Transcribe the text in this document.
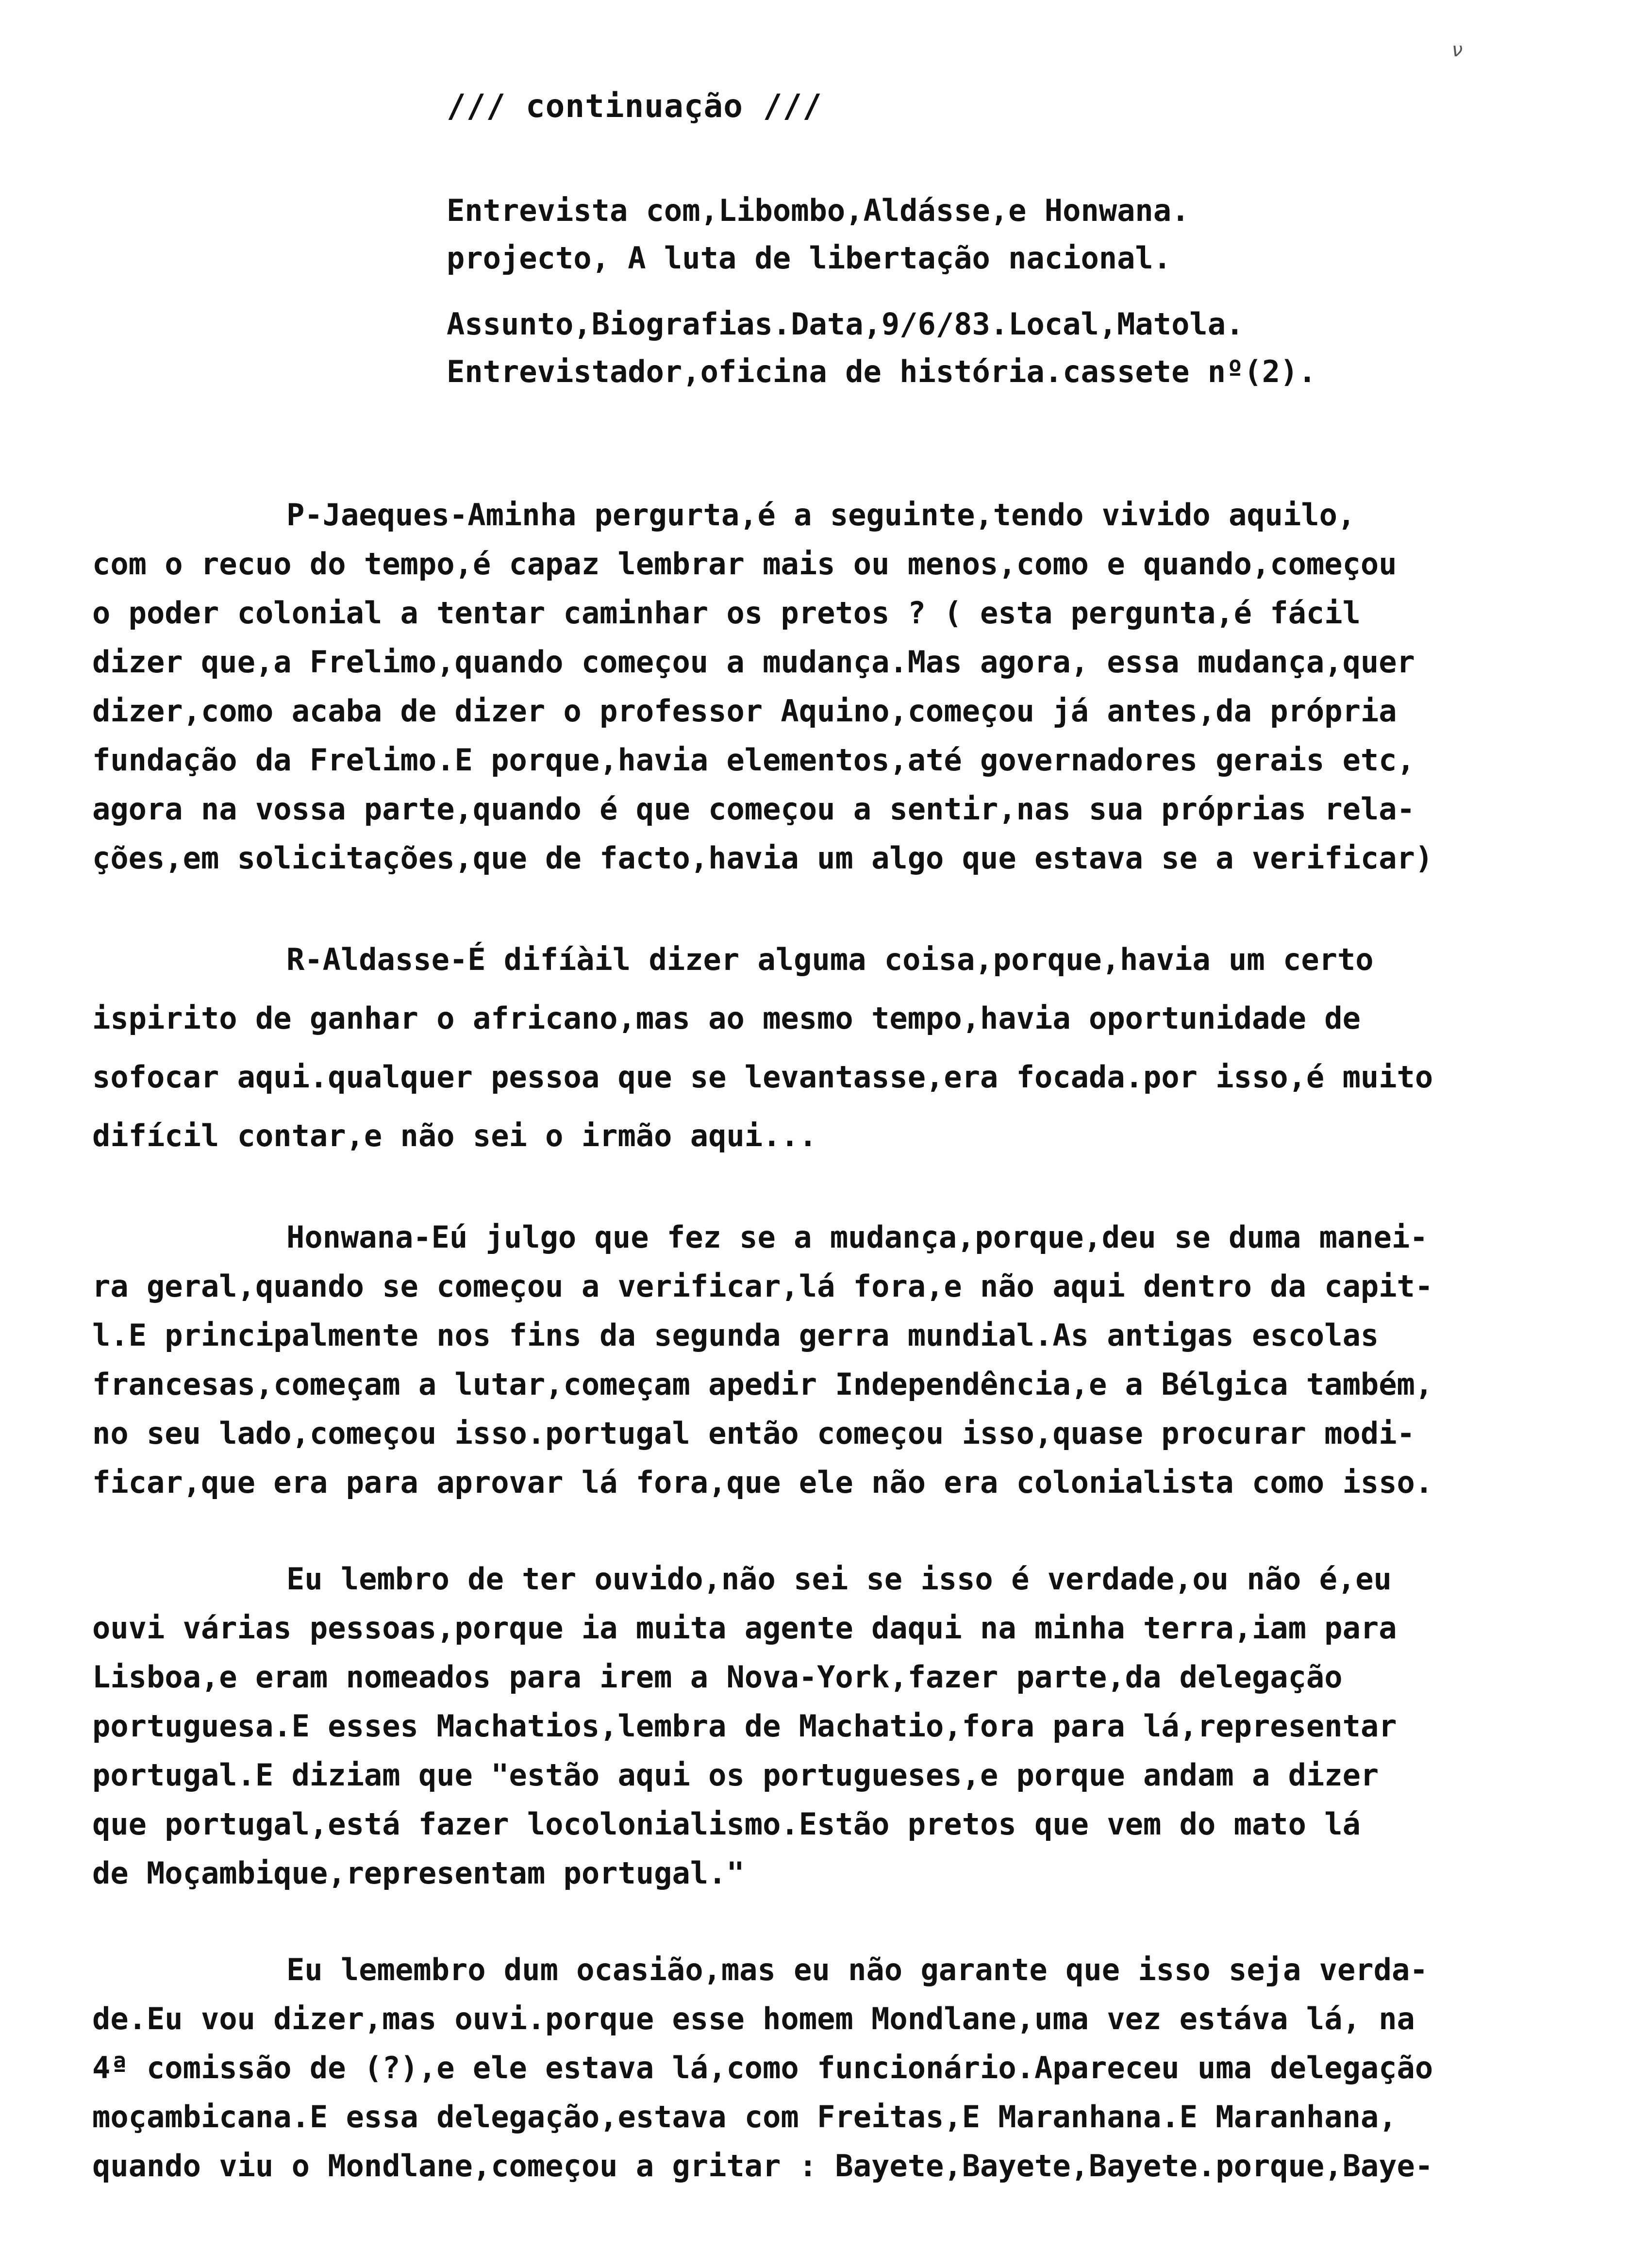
ν
/// continuação ///
Entrevista com,Libombo,Aldásse,e Honwana.
projecto, A luta de libertação nacional.
Assunto,Biografias.Data,9/6/83.Local,Matola.
Entrevistador,oficina de história.cassete nº(2).
P-Jaeques-Aminha pergurta,é a seguinte,tendo vivido aquilo,
com o recuo do tempo,é capaz lembrar mais ou menos,como e quando,começou
o poder colonial a tentar caminhar os pretos ? ( esta pergunta,é fácil
dizer que,a Frelimo,quando começou a mudança.Mas agora, essa mudança,quer
dizer,como acaba de dizer o professor Aquino,começou já antes,da própria
fundação da Frelimo.E porque,havia elementos,até governadores gerais etc,
agora na vossa parte,quando é que começou a sentir,nas sua próprias rela-
ções,em solicitações,que de facto,havia um algo que estava se a verificar)
R-Aldasse-É difíàil dizer alguma coisa,porque,havia um certo
ispirito de ganhar o africano,mas ao mesmo tempo,havia oportunidade de
sofocar aqui.qualquer pessoa que se levantasse,era focada.por isso,é muito
difícil contar,e não sei o irmão aqui...
Honwana-Eú julgo que fez se a mudança,porque,deu se duma manei-
ra geral,quando se começou a verificar,lá fora,e não aqui dentro da capit-
l.E principalmente nos fins da segunda gerra mundial.As antigas escolas
francesas,começam a lutar,começam apedir Independência,e a Bélgica também,
no seu lado,começou isso.portugal então começou isso,quase procurar modi-
ficar,que era para aprovar lá fora,que ele não era colonialista como isso.
Eu lembro de ter ouvido,não sei se isso é verdade,ou não é,eu
ouvi várias pessoas,porque ia muita agente daqui na minha terra,iam para
Lisboa,e eram nomeados para irem a Nova-York,fazer parte,da delegação
portuguesa.E esses Machatios,lembra de Machatio,fora para lá,representar
portugal.E diziam que "estão aqui os portugueses,e porque andam a dizer
que portugal,está fazer locolonialismo.Estão pretos que vem do mato lá
de Moçambique,representam portugal."
Eu lemembro dum ocasião,mas eu não garante que isso seja verda-
de.Eu vou dizer,mas ouvi.porque esse homem Mondlane,uma vez estáva lá, na
4ª comissão de (?),e ele estava lá,como funcionário.Apareceu uma delegação
moçambicana.E essa delegação,estava com Freitas,E Maranhana.E Maranhana,
quando viu o Mondlane,começou a gritar : Bayete,Bayete,Bayete.porque,Baye-
